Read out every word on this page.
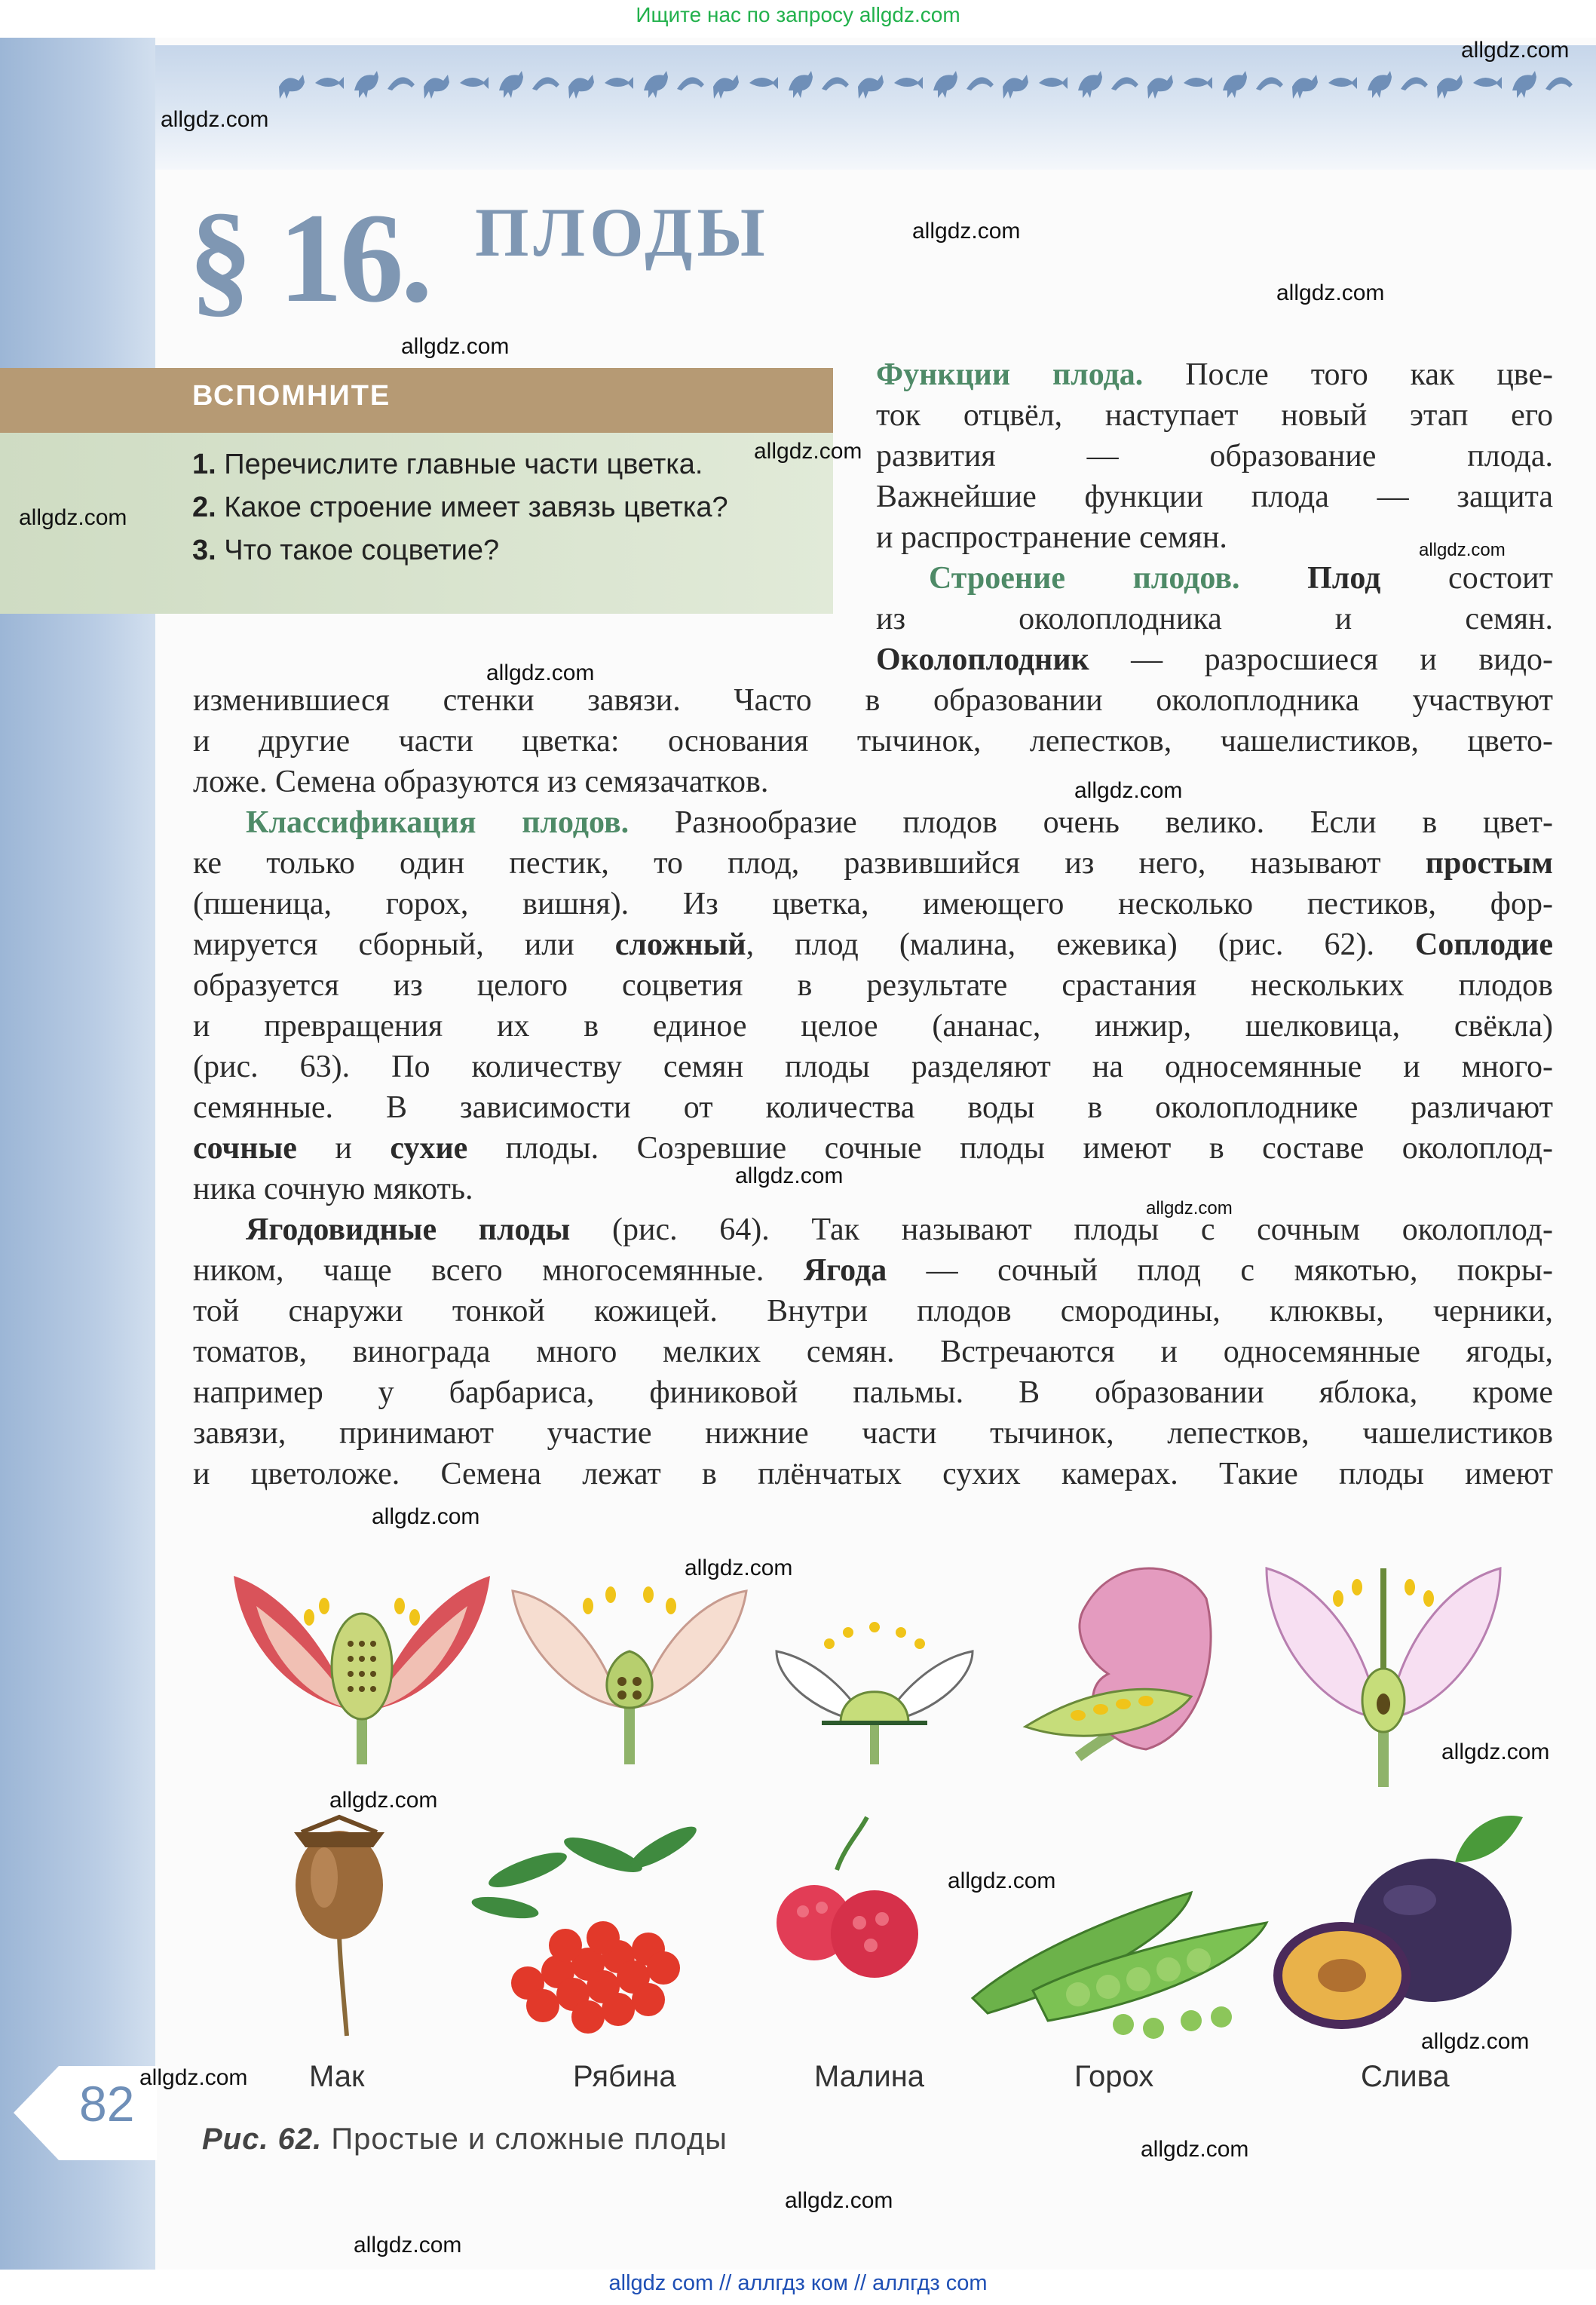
Ищите нас по запросу allgdz.com
§ 16. ПЛОДЫ
ВСПОМНИТЕ
1. Перечислите главные части цветка.
2. Какое строение имеет завязь цветка?
3. Что такое соцветие?
Функции плода. После того как цве-
ток отцвёл, наступает новый этап его
развития — образование плода.
Важнейшие функции плода — защита
и распространение семян.
Строение плодов. Плод состоит
из околоплодника и семян.
Околоплодник — разросшиеся и видо-
изменившиеся стенки завязи. Часто в образовании околоплодника участвуют
и другие части цветка: основания тычинок, лепестков, чашелистиков, цвето-
ложе. Семена образуются из семязачатков.
Классификация плодов. Разнообразие плодов очень велико. Если в цвет-
ке только один пестик, то плод, развившийся из него, называют простым
(пшеница, горох, вишня). Из цветка, имеющего несколько пестиков, фор-
мируется сборный, или сложный, плод (малина, ежевика) (рис. 62). Соплодие
образуется из целого соцветия в результате срастания нескольких плодов
и превращения их в единое целое (ананас, инжир, шелковица, свёкла)
(рис. 63). По количеству семян плоды разделяют на односемянные и много-
семянные. В зависимости от количества воды в околоплоднике различают
сочные и сухие плоды. Созревшие сочные плоды имеют в составе околоплод-
ника сочную мякоть.
Ягодовидные плоды (рис. 64). Так называют плоды с сочным околоплод-
ником, чаще всего многосемянные. Ягода — сочный плод с мякотью, покры-
той снаружи тонкой кожицей. Внутри плодов смородины, клюквы, черники,
томатов, винограда много мелких семян. Встречаются и односемянные ягоды,
например у барбариса, финиковой пальмы. В образовании яблока, кроме
завязи, принимают участие нижние части тычинок, лепестков, чашелистиков
и цветоложе. Семена лежат в плёнчатых сухих камерах. Такие плоды имеют
Мак	Рябина	Малина	Горох	Слива
Рис. 62. Простые и сложные плоды
82
allgdz.com
allgdz.com
allgdz.com
allgdz.com
allgdz.com
allgdz.com
allgdz.com
allgdz.com
allgdz.com
allgdz.com
allgdz.com
allgdz.com
allgdz.com
allgdz.com
allgdz.com
allgdz.com
allgdz.com
allgdz.com
allgdz.com
allgdz.com
allgdz.com
allgdz.com
allgdz com // аллгдз ком // аллгдз com
